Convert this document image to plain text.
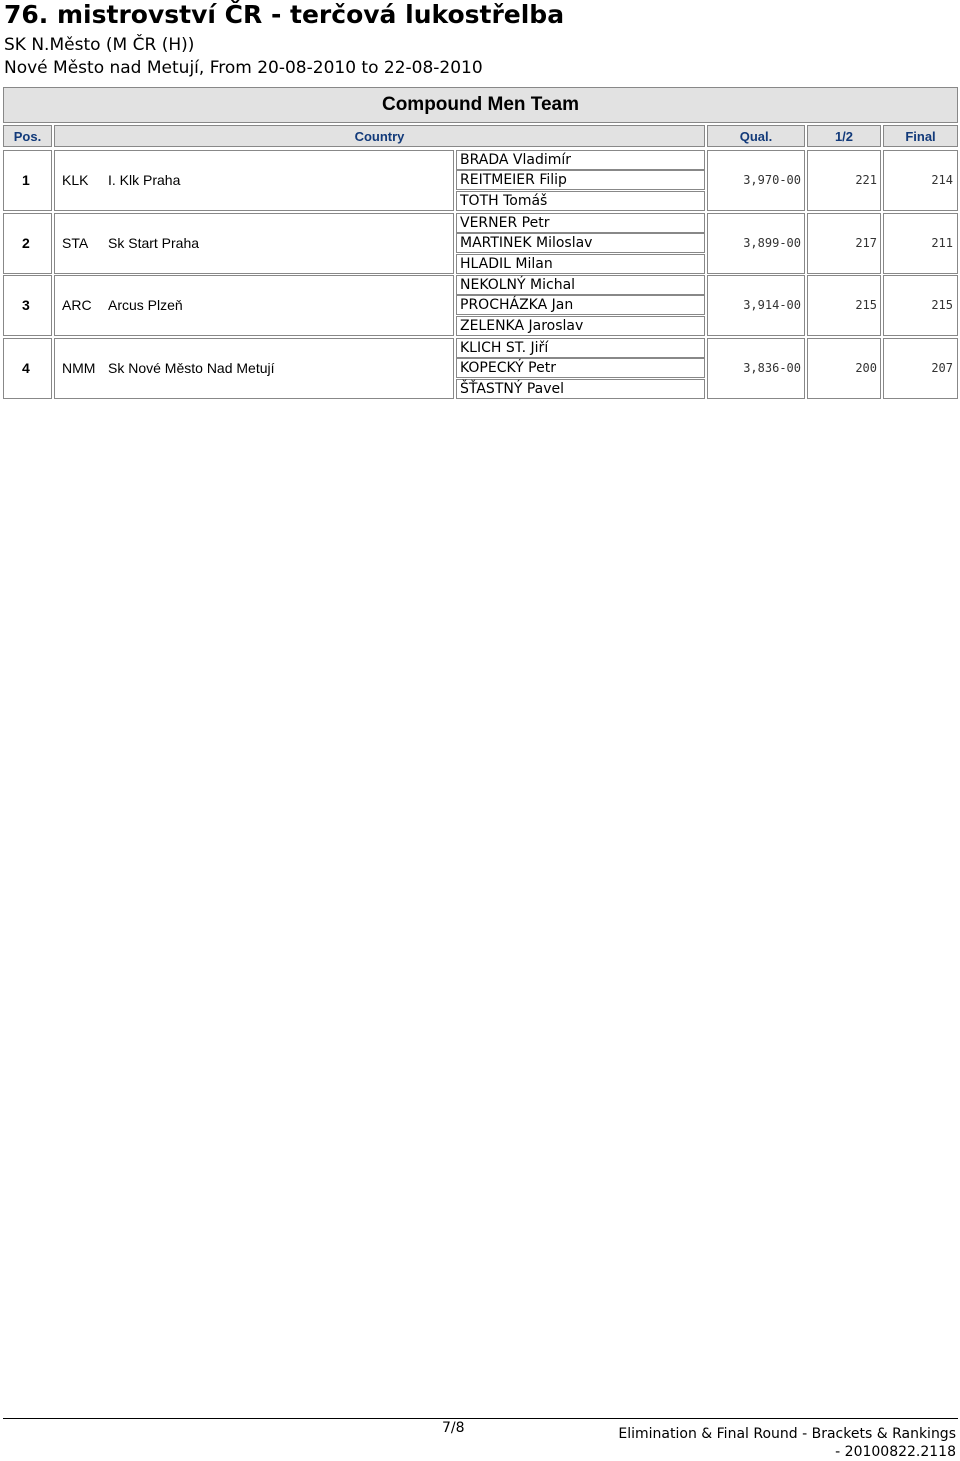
76. mistrovství ČR - terčová lukostřelba
SK N.Město (M ČR (H))
Nové Město nad Metují, From 20-08-2010 to 22-08-2010
Compound Men Team
Pos.	Country	Qual.	1/2	Final
1 KLK I. Klk Praha
BRADA Vladimír
REITMEIER Filip
TOTH Tomáš
3,970-00	221	214
2 STA Sk Start Praha
VERNER Petr
MARTINEK Miloslav
HLADIL Milan
3,899-00	217	211
3 ARC Arcus Plzeň
NEKOLNÝ Michal
PROCHÁZKA Jan
ZELENKA Jaroslav
3,914-00	215	215
4 NMM Sk Nové Město Nad Metují
KLICH ST. Jiří
KOPECKÝ Petr
ŠŤASTNÝ Pavel
3,836-00	200	207
7/8	Elimination & Final Round - Brackets & Rankings
- 20100822.2118
